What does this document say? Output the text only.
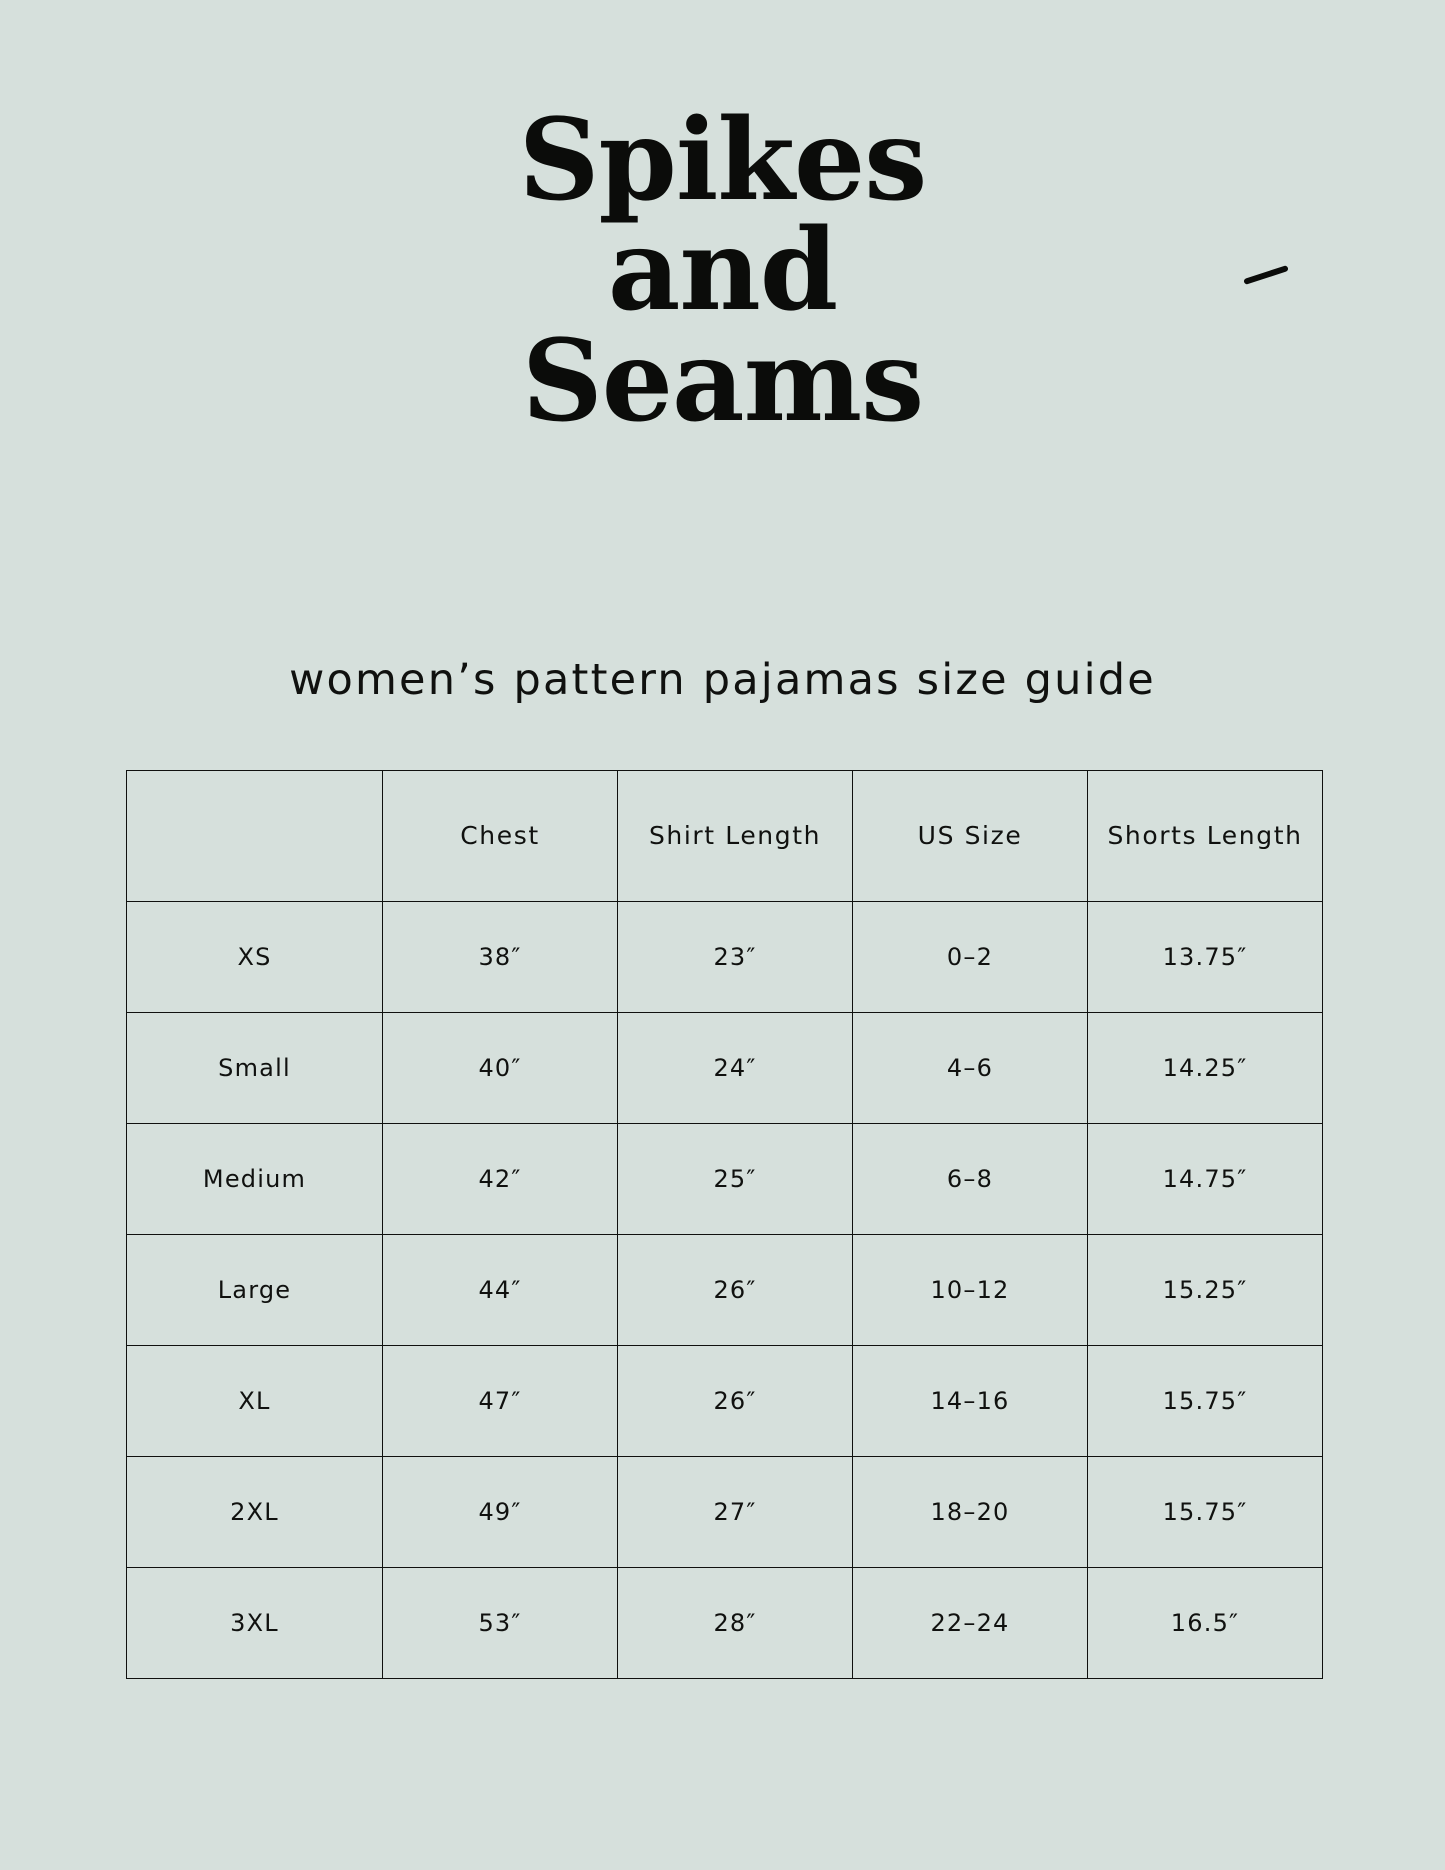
Spikes
and
Seams
women’s pattern pajamas size guide
	Chest	Shirt Length	US Size	Shorts Length
XS	38″	23″	0–2	13.75″
Small	40″	24″	4–6	14.25″
Medium	42″	25″	6–8	14.75″
Large	44″	26″	10–12	15.25″
XL	47″	26″	14–16	15.75″
2XL	49″	27″	18–20	15.75″
3XL	53″	28″	22–24	16.5″
